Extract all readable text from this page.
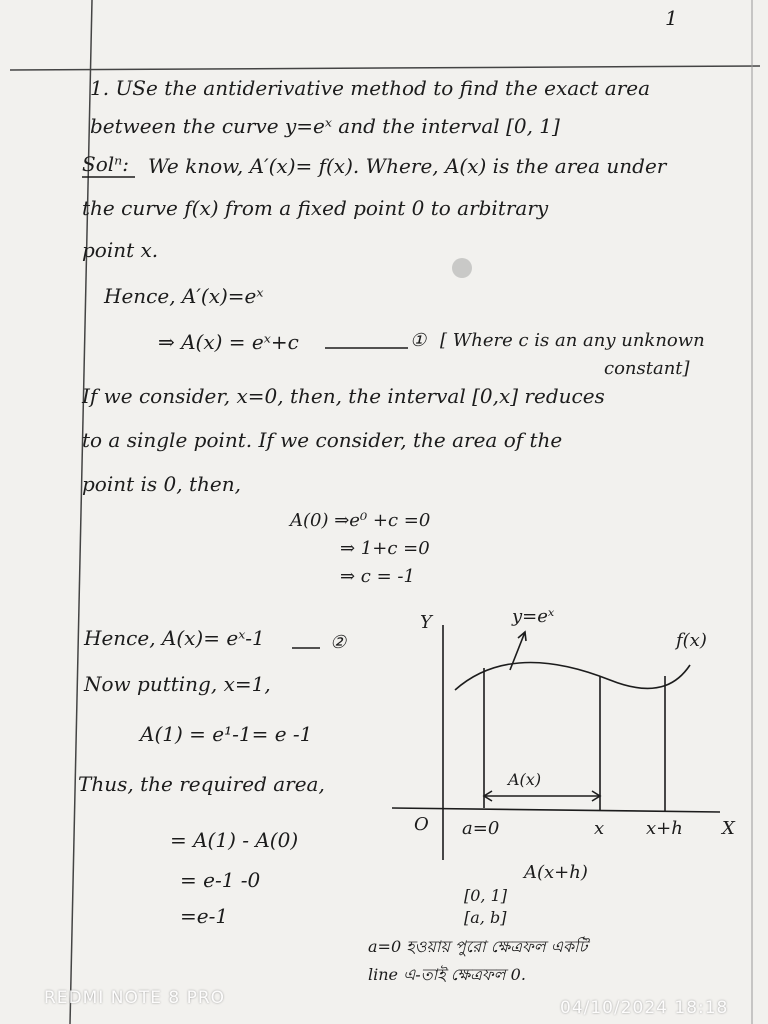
1
1. USe the antiderivative method to find the exact area
between the curve y=eˣ and the interval [0, 1]
Solⁿ: We know, A′(x)= f(x). Where, A(x) is the area under
the curve f(x) from a fixed point 0 to arbitrary
point x.
Hence, A′(x)=eˣ
⇒ A(x) = eˣ+c	① [ Where c is an any unknown
constant]
If we consider, x=0, then, the interval [0,x] reduces
to a single point. If we consider, the area of the
point is 0, then,
A(0) ⇒e⁰ +c =0
⇒ 1+c =0
⇒ c = -1
Hence, A(x)= eˣ-1	②
Now putting, x=1,
A(1) = e¹-1= e -1
Thus, the required area,
= A(1) - A(0)
= e-1 -0
=e-1
Y
X
O
y=eˣ
f(x)
A(x)
a=0	x x+h
A(x+h)
[0, 1]
[a, b]
a=0 হওয়ায় পুরো ক্ষেত্রফল একটি
line এ-তাই ক্ষেত্রফল 0.
REDMI NOTE 8 PRO	04/10/2024 18:18
